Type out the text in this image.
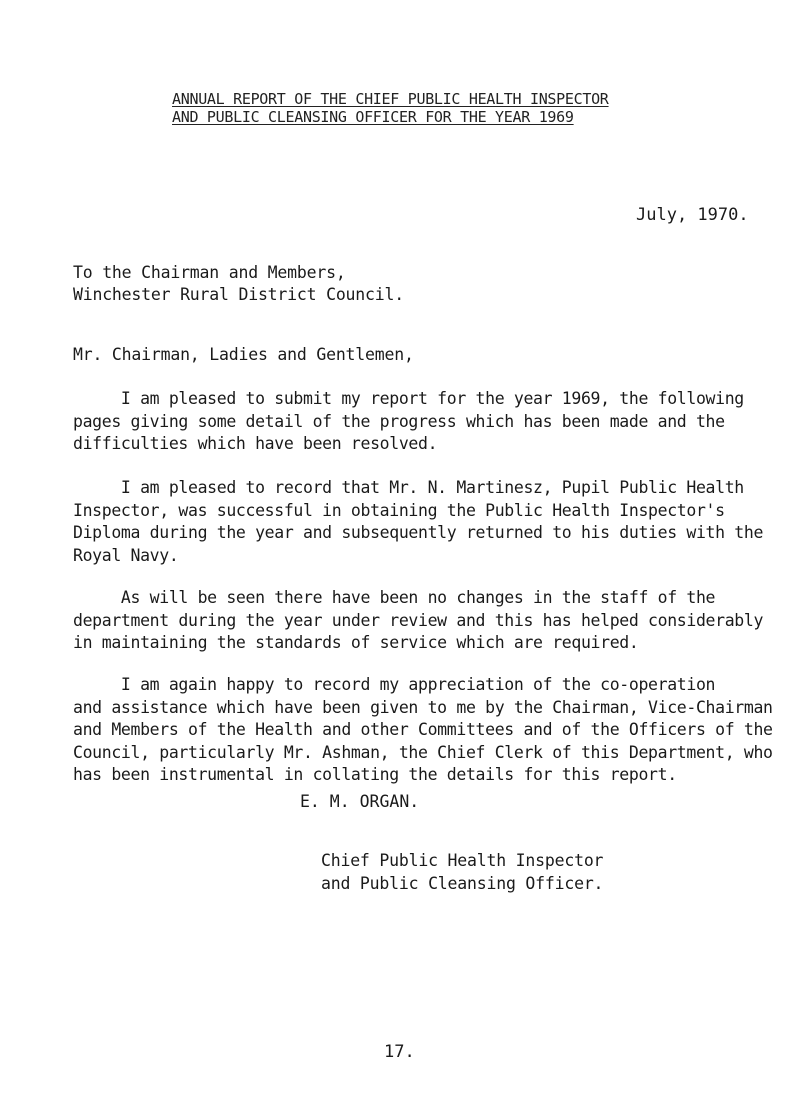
ANNUAL REPORT OF THE CHIEF PUBLIC HEALTH INSPECTOR
AND PUBLIC CLEANSING OFFICER FOR THE YEAR 1969
July, 1970.
To the Chairman and Members,
Winchester Rural District Council.
Mr. Chairman, Ladies and Gentlemen,
I am pleased to submit my report for the year 1969, the following
pages giving some detail of the progress which has been made and the
difficulties which have been resolved.
I am pleased to record that Mr. N. Martinesz, Pupil Public Health
Inspector, was successful in obtaining the Public Health Inspector's
Diploma during the year and subsequently returned to his duties with the
Royal Navy.
As will be seen there have been no changes in the staff of the
department during the year under review and this has helped considerably
in maintaining the standards of service which are required.
I am again happy to record my appreciation of the co-operation
and assistance which have been given to me by the Chairman, Vice-Chairman
and Members of the Health and other Committees and of the Officers of the
Council, particularly Mr. Ashman, the Chief Clerk of this Department, who
has been instrumental in collating the details for this report.
E. M. ORGAN.
Chief Public Health Inspector
and Public Cleansing Officer.
17.
